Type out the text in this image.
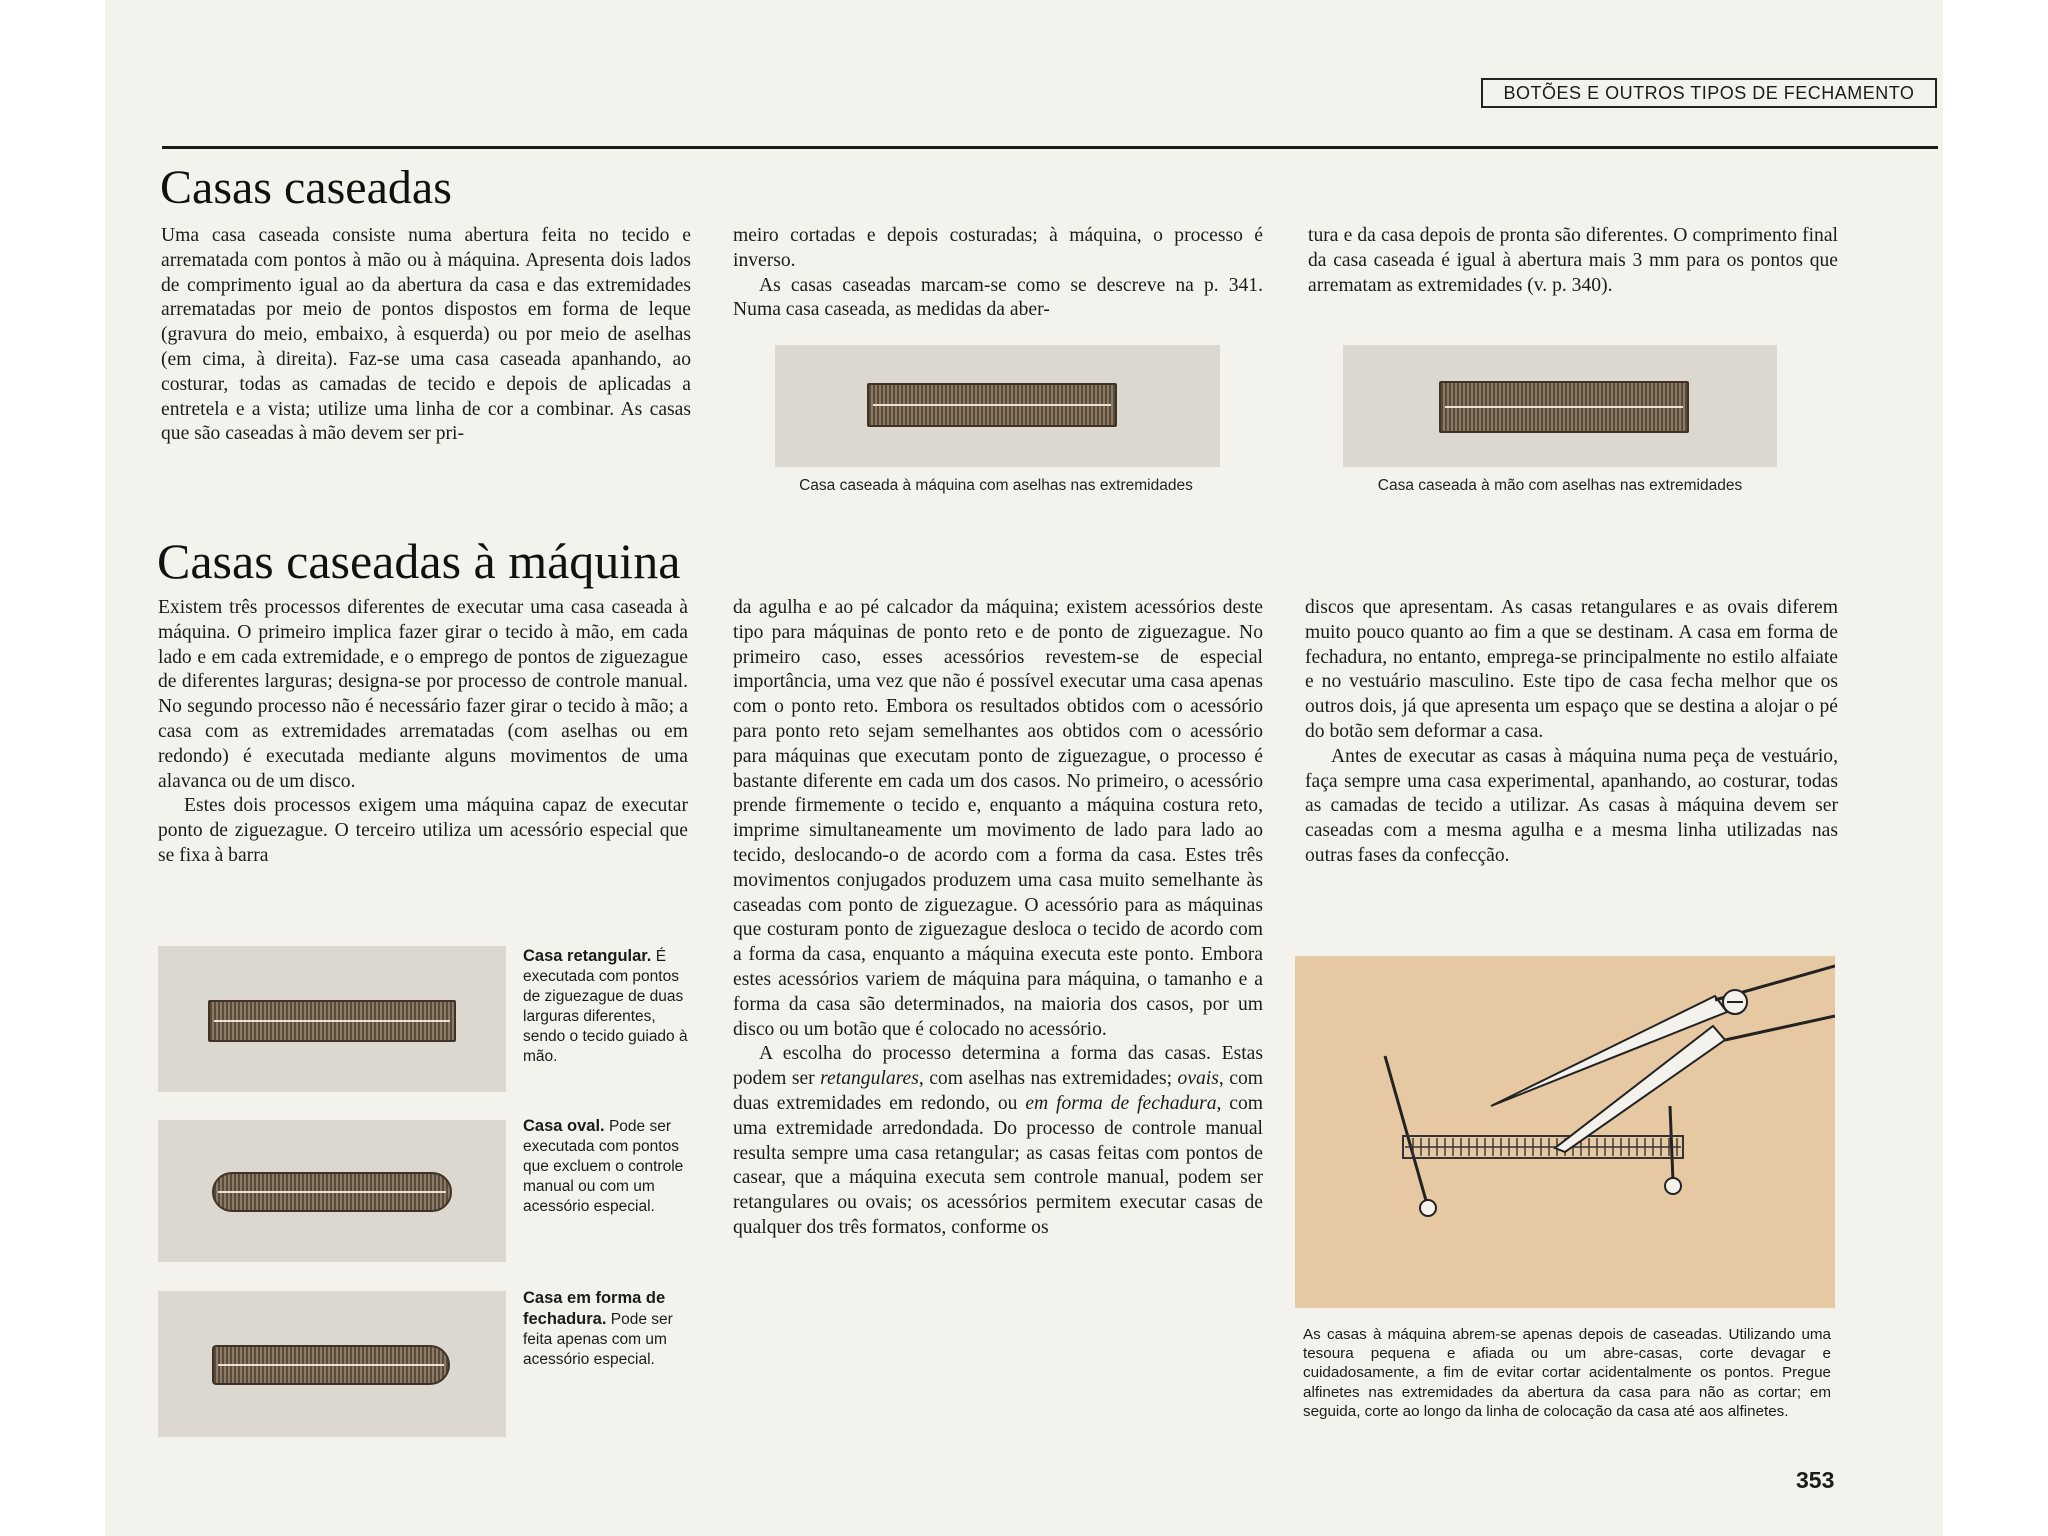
BOTÕES E OUTROS TIPOS DE FECHAMENTO
Casas caseadas

Uma casa caseada consiste numa abertura feita no tecido e arrematada com pontos à mão ou à máquina. Apresenta dois lados de comprimento igual ao da abertura da casa e das extremidades arrematadas por meio de pontos dispostos em forma de leque (gravura do meio, embaixo, à esquerda) ou por meio de aselhas (em cima, à direita). Faz-se uma casa caseada apanhando, ao costurar, todas as camadas de tecido e depois de aplicadas a entretela e a vista; utilize uma linha de cor a combinar. As casas que são caseadas à mão devem ser pri-

meiro cortadas e depois costuradas; à máquina, o processo é inverso.

As casas caseadas marcam-se como se descreve na p. 341. Numa casa caseada, as medidas da aber-

tura e da casa depois de pronta são diferentes. O comprimento final da casa caseada é igual à abertura mais 3 mm para os pontos que arrematam as extremidades (v. p. 340).

Casa caseada à máquina com aselhas nas extremidades	Casa caseada à mão com aselhas nas extremidades
Casas caseadas à máquina

Existem três processos diferentes de executar uma casa caseada à máquina. O primeiro implica fazer girar o tecido à mão, em cada lado e em cada extremidade, e o emprego de pontos de ziguezague de diferentes larguras; designa-se por processo de controle manual. No segundo processo não é necessário fazer girar o tecido à mão; a casa com as extremidades arrematadas (com aselhas ou em redondo) é executada mediante alguns movimentos de uma alavanca ou de um disco.

Estes dois processos exigem uma máquina capaz de executar ponto de ziguezague. O terceiro utiliza um acessório especial que se fixa à barra

Casa retangular. É executada com pontos de ziguezague de duas larguras diferentes, sendo o tecido guiado à mão.
Casa oval. Pode ser executada com pontos que excluem o controle manual ou com um acessório especial.
Casa em forma de fechadura. Pode ser feita apenas com um acessório especial.

da agulha e ao pé calcador da máquina; existem acessórios deste tipo para máquinas de ponto reto e de ponto de ziguezague. No primeiro caso, esses acessórios revestem-se de especial importância, uma vez que não é possível executar uma casa apenas com o ponto reto. Embora os resultados obtidos com o acessório para ponto reto sejam semelhantes aos obtidos com o acessório para máquinas que executam ponto de ziguezague, o processo é bastante diferente em cada um dos casos. No primeiro, o acessório prende firmemente o tecido e, enquanto a máquina costura reto, imprime simultaneamente um movimento de lado para lado ao tecido, deslocando-o de acordo com a forma da casa. Estes três movimentos conjugados produzem uma casa muito semelhante às caseadas com ponto de ziguezague. O acessório para as máquinas que costuram ponto de ziguezague desloca o tecido de acordo com a forma da casa, enquanto a máquina executa este ponto. Embora estes acessórios variem de máquina para máquina, o tamanho e a forma da casa são determinados, na maioria dos casos, por um disco ou um botão que é colocado no acessório.

A escolha do processo determina a forma das casas. Estas podem ser retangulares, com aselhas nas extremidades; ovais, com duas extremidades em redondo, ou em forma de fechadura, com uma extremidade arredondada. Do processo de controle manual resulta sempre uma casa retangular; as casas feitas com pontos de casear, que a máquina executa sem controle manual, podem ser retangulares ou ovais; os acessórios permitem executar casas de qualquer dos três formatos, conforme os

discos que apresentam. As casas retangulares e as ovais diferem muito pouco quanto ao fim a que se destinam. A casa em forma de fechadura, no entanto, emprega-se principalmente no estilo alfaiate e no vestuário masculino. Este tipo de casa fecha melhor que os outros dois, já que apresenta um espaço que se destina a alojar o pé do botão sem deformar a casa.

Antes de executar as casas à máquina numa peça de vestuário, faça sempre uma casa experimental, apanhando, ao costurar, todas as camadas de tecido a utilizar. As casas à máquina devem ser caseadas com a mesma agulha e a mesma linha utilizadas nas outras fases da confecção.

As casas à máquina abrem-se apenas depois de caseadas. Utilizando uma tesoura pequena e afiada ou um abre-casas, corte devagar e cuidadosamente, a fim de evitar cortar acidentalmente os pontos. Pregue alfinetes nas extremidades da abertura da casa para não as cortar; em seguida, corte ao longo da linha de colocação da casa até aos alfinetes.
353
